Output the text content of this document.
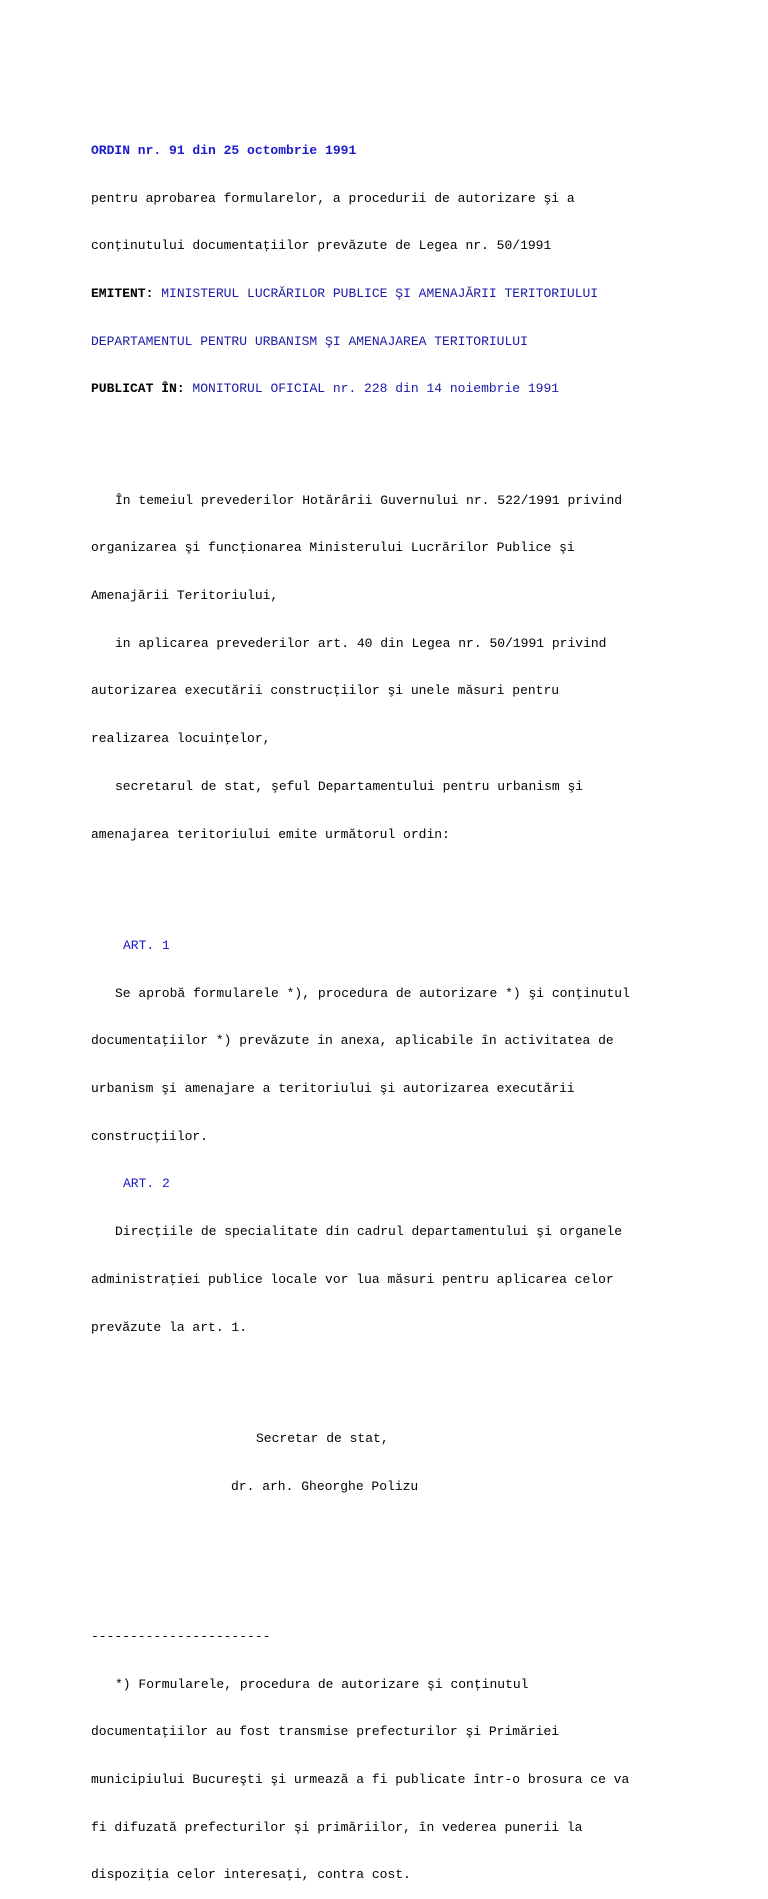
ORDIN nr. 91 din 25 octombrie 1991

pentru aprobarea formularelor, a procedurii de autorizare şi a

conţinutului documentaţiilor prevăzute de Legea nr. 50/1991

EMITENT: MINISTERUL LUCRĂRILOR PUBLICE ŞI AMENAJĂRII TERITORIULUI

DEPARTAMENTUL PENTRU URBANISM ŞI AMENAJAREA TERITORIULUI

PUBLICAT ÎN: MONITORUL OFICIAL nr. 228 din 14 noiembrie 1991

În temeiul prevederilor Hotărârii Guvernului nr. 522/1991 privind

organizarea şi funcţionarea Ministerului Lucrărilor Publice şi

Amenajării Teritoriului,

in aplicarea prevederilor art. 40 din Legea nr. 50/1991 privind

autorizarea executării construcţiilor şi unele măsuri pentru

realizarea locuinţelor,

secretarul de stat, şeful Departamentului pentru urbanism şi

amenajarea teritoriului emite următorul ordin:

ART. 1

Se aprobă formularele *), procedura de autorizare *) şi conţinutul

documentaţiilor *) prevăzute in anexa, aplicabile în activitatea de

urbanism şi amenajare a teritoriului şi autorizarea executării

construcţiilor.

ART. 2

Direcţiile de specialitate din cadrul departamentului şi organele

administraţiei publice locale vor lua măsuri pentru aplicarea celor

prevăzute la art. 1.

Secretar de stat,

dr. arh. Gheorghe Polizu

-----------------------

*) Formularele, procedura de autorizare şi conţinutul

documentaţiilor au fost transmise prefecturilor şi Primăriei

municipiului Bucureşti şi urmează a fi publicate într-o brosura ce va

fi difuzată prefecturilor şi primăriilor, în vederea punerii la

dispoziţia celor interesaţi, contra cost.
